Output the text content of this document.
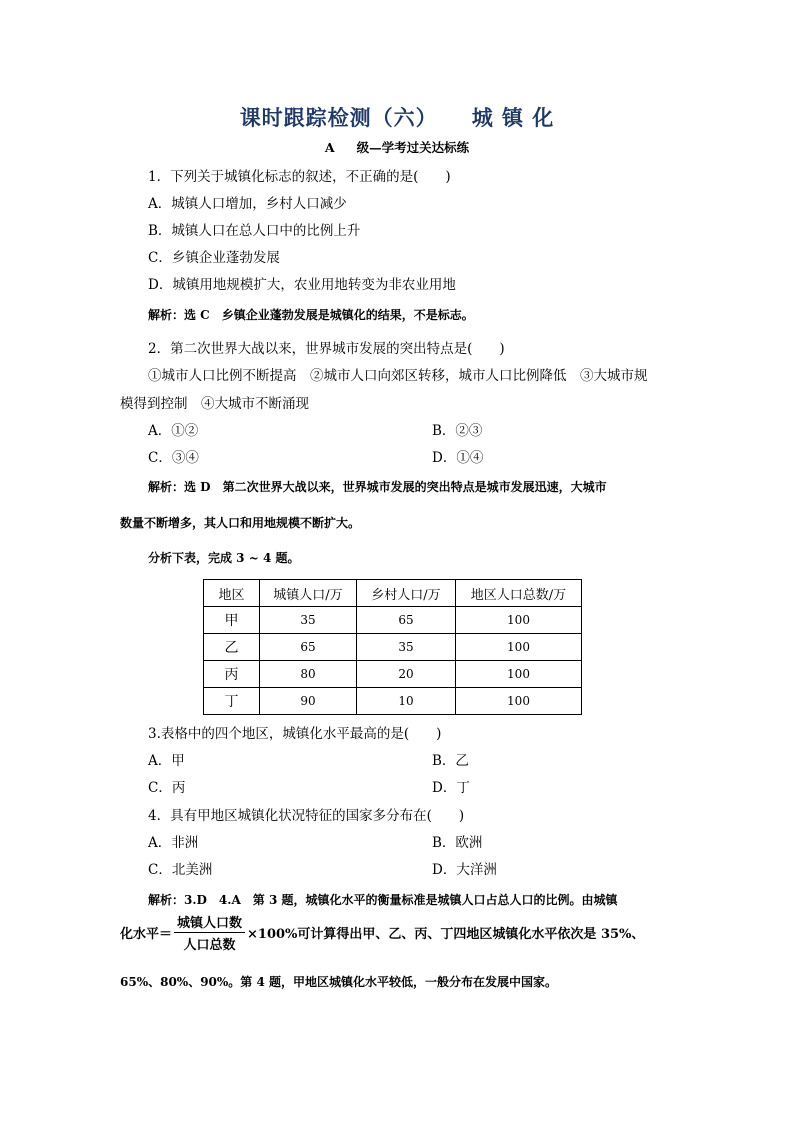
课时跟踪检测（六） 城 镇 化
A 级—学考过关达标练
1．下列关于城镇化标志的叙述，不正确的是(　　)
A．城镇人口增加，乡村人口减少
B．城镇人口在总人口中的比例上升
C．乡镇企业蓬勃发展
D．城镇用地规模扩大，农业用地转变为非农业用地
解析：选 C 乡镇企业蓬勃发展是城镇化的结果，不是标志。
2．第二次世界大战以来，世界城市发展的突出特点是(　　)
①城市人口比例不断提高　②城市人口向郊区转移，城市人口比例降低　③大城市规
模得到控制　④大城市不断涌现
A．①②	B．②③
C．③④	D．①④
解析：选 D 第二次世界大战以来，世界城市发展的突出特点是城市发展迅速，大城市
数量不断增多，其人口和用地规模不断扩大。
分析下表，完成 3 ~ 4 题。
地区	城镇人口/万	乡村人口/万	地区人口总数/万
甲	35	65	100
乙	65	35	100
丙	80	20	100
丁	90	10	100
3.表格中的四个地区，城镇化水平最高的是(　　)
A．甲	B．乙
C．丙	D．丁
4．具有甲地区城镇化状况特征的国家多分布在(　　)
A．非洲	B．欧洲
C．北美洲	D．大洋洲
解析：3.D　4.A 第 3 题，城镇化水平的衡量标准是城镇人口占总人口的比例。由城镇
化水平＝ $\frac{\text{城镇人口数}}{\text{人口总数}} \times 100\%$可计算得出甲、乙、丙、丁四地区城镇化水平依次是 35%、
65%、80%、90%。第 4 题，甲地区城镇化水平较低，一般分布在发展中国家。
